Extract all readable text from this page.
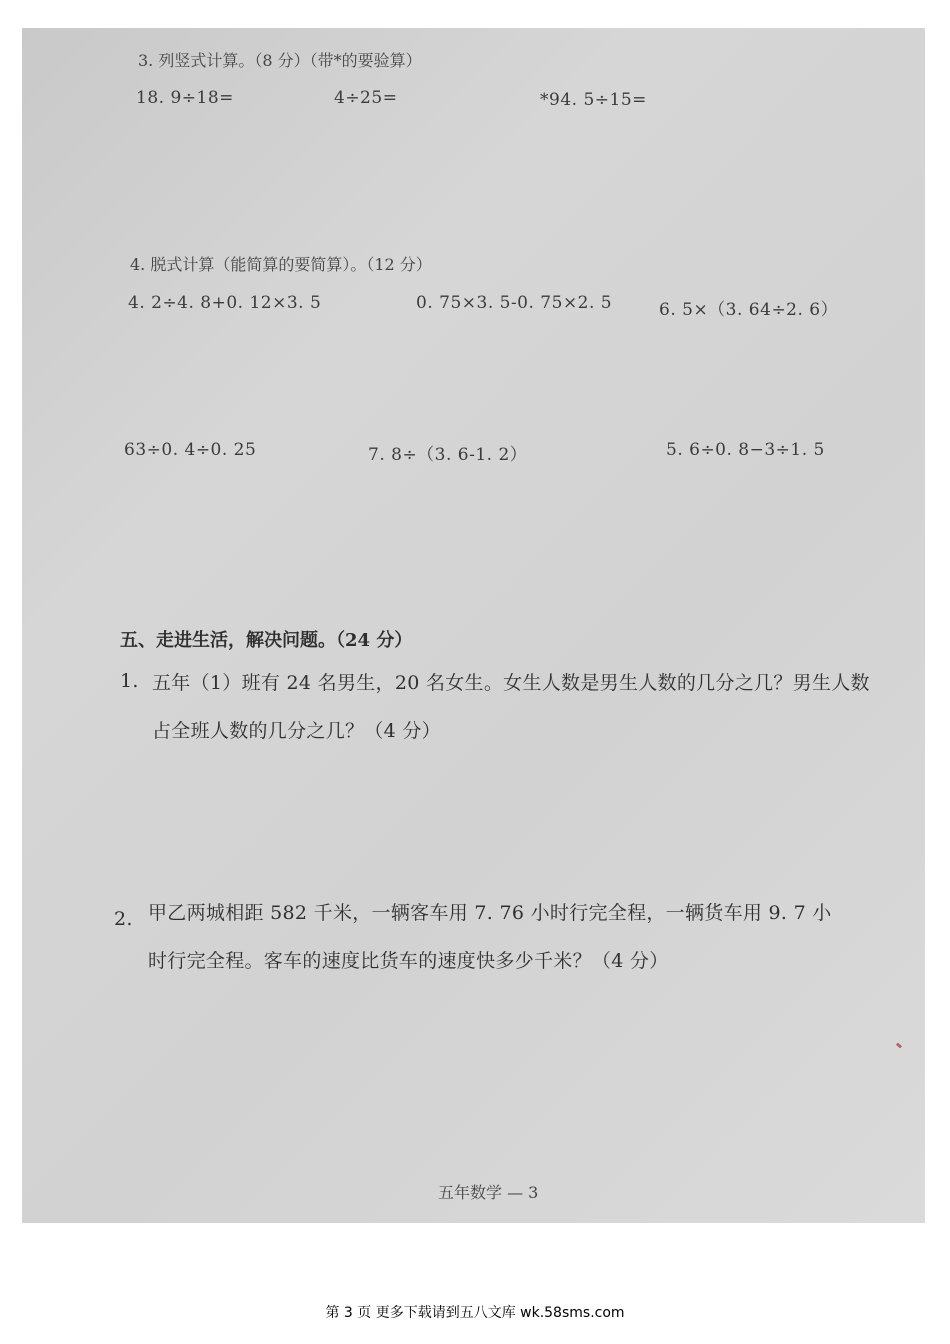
3. 列竖式计算。（8 分）（带*的要验算）
18. 9÷18=	4÷25=	*94. 5÷15=
4. 脱式计算（能简算的要简算）。（12 分）
4. 2÷4. 8+0. 12×3. 5	0. 75×3. 5-0. 75×2. 5	6. 5×（3. 64÷2. 6）
63÷0. 4÷0. 25	7. 8÷（3. 6-1. 2）	5. 6÷0. 8−3÷1. 5
五、走进生活，解决问题。（24 分）
1. 五年（1）班有 24 名男生，20 名女生。女生人数是男生人数的几分之几？男生人数
占全班人数的几分之几？（4 分）
2. 甲乙两城相距 582 千米，一辆客车用 7. 76 小时行完全程，一辆货车用 9. 7 小
时行完全程。客车的速度比货车的速度快多少千米？（4 分）
五年数学 — 3
第 3 页 更多下载请到五八文库 wk.58sms.com
